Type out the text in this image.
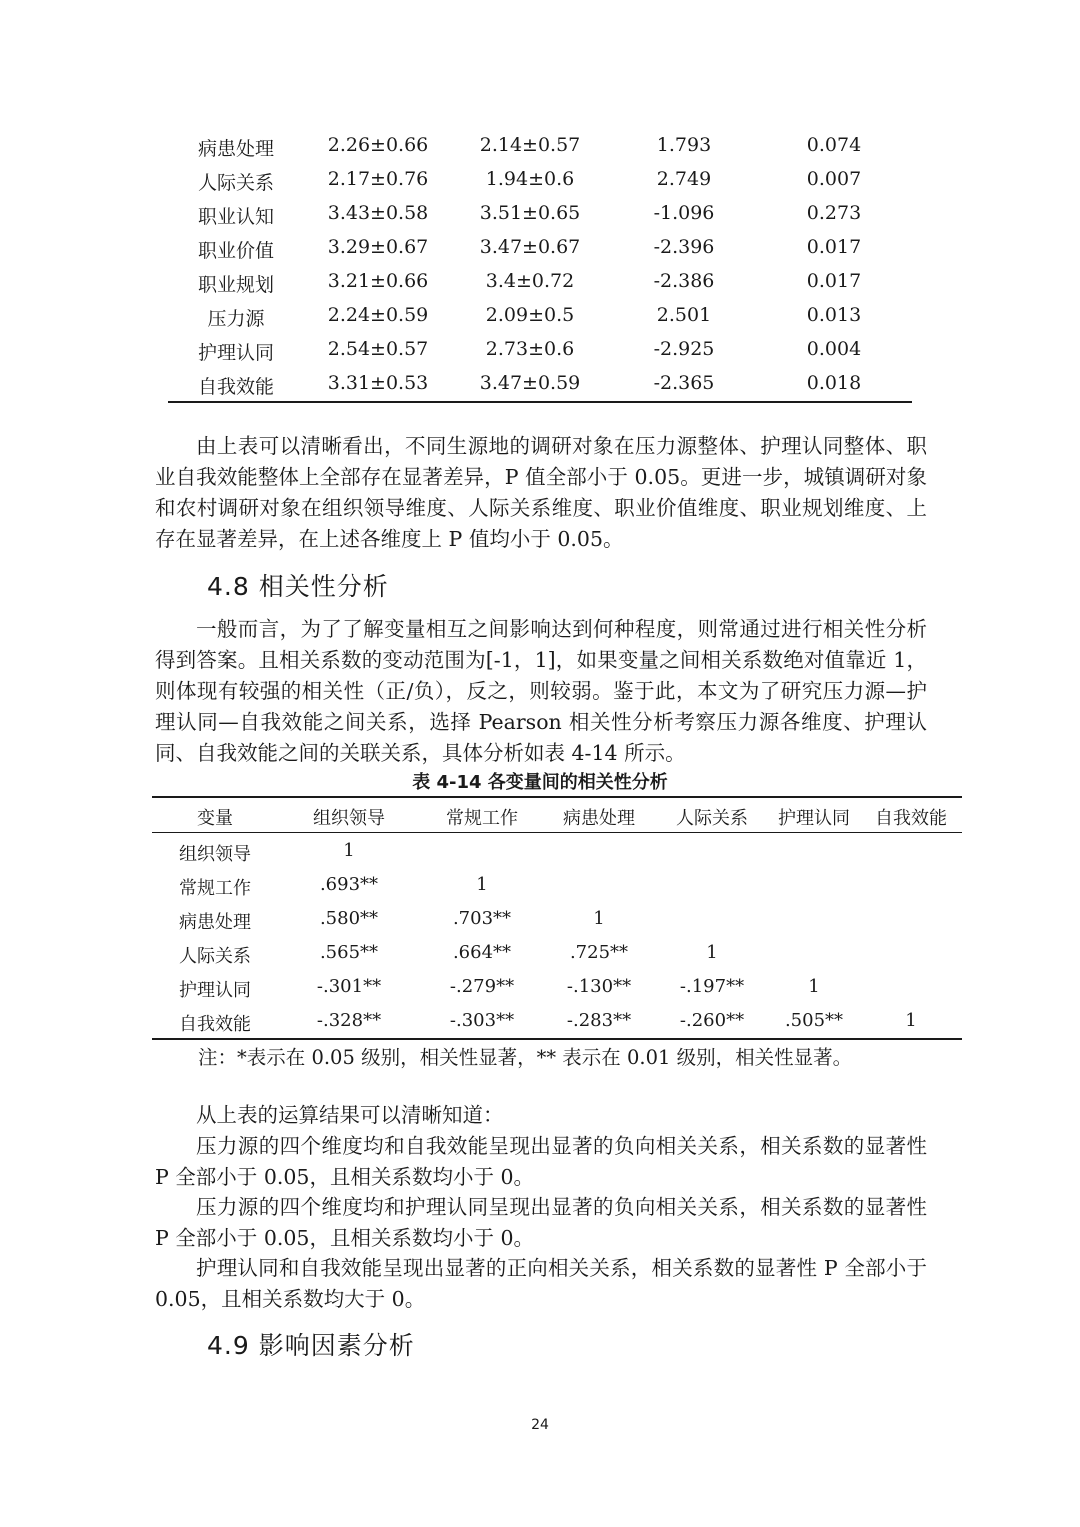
病患处理	2.26±0.66	2.14±0.57	1.793	0.074
人际关系	2.17±0.76	1.94±0.6	2.749	0.007
职业认知	3.43±0.58	3.51±0.65	-1.096	0.273
职业价值	3.29±0.67	3.47±0.67	-2.396	0.017
职业规划	3.21±0.66	3.4±0.72	-2.386	0.017
压力源	2.24±0.59	2.09±0.5	2.501	0.013
护理认同	2.54±0.57	2.73±0.6	-2.925	0.004
自我效能	3.31±0.53	3.47±0.59	-2.365	0.018

由上表可以清晰看出，不同生源地的调研对象在压力源整体、护理认同整体、职业自我效能整体上全部存在显著差异，P 值全部小于 0.05。更进一步，城镇调研对象和农村调研对象在组织领导维度、人际关系维度、职业价值维度、职业规划维度、上存在显著差异，在上述各维度上 P 值均小于 0.05。

4.8 相关性分析

一般而言，为了了解变量相互之间影响达到何种程度，则常通过进行相关性分析得到答案。且相关系数的变动范围为[-1，1]，如果变量之间相关系数绝对值靠近 1，则体现有较强的相关性（正/负），反之，则较弱。鉴于此，本文为了研究压力源—护理认同—自我效能之间关系，选择 Pearson 相关性分析考察压力源各维度、护理认同、自我效能之间的关联关系，具体分析如表 4-14 所示。

表 4-14 各变量间的相关性分析
变量	组织领导	常规工作	病患处理 人际关系 护理认同 自我效能
组织领导	1
常规工作	.693**	1
病患处理	.580**	.703**	1
人际关系	.565**	.664**	.725**	1
护理认同	-.301**	-.279**	-.130**	-.197**	1
自我效能	-.328**	-.303**	-.283**	-.260** .505**	1
注：*表示在 0.05 级别，相关性显著，** 表示在 0.01 级别，相关性显著。

从上表的运算结果可以清晰知道：

压力源的四个维度均和自我效能呈现出显著的负向相关关系，相关系数的显著性 P 全部小于 0.05，且相关系数均小于 0。

压力源的四个维度均和护理认同呈现出显著的负向相关关系，相关系数的显著性 P 全部小于 0.05，且相关系数均小于 0。

护理认同和自我效能呈现出显著的正向相关关系，相关系数的显著性 P 全部小于 0.05，且相关系数均大于 0。

4.9 影响因素分析
24
